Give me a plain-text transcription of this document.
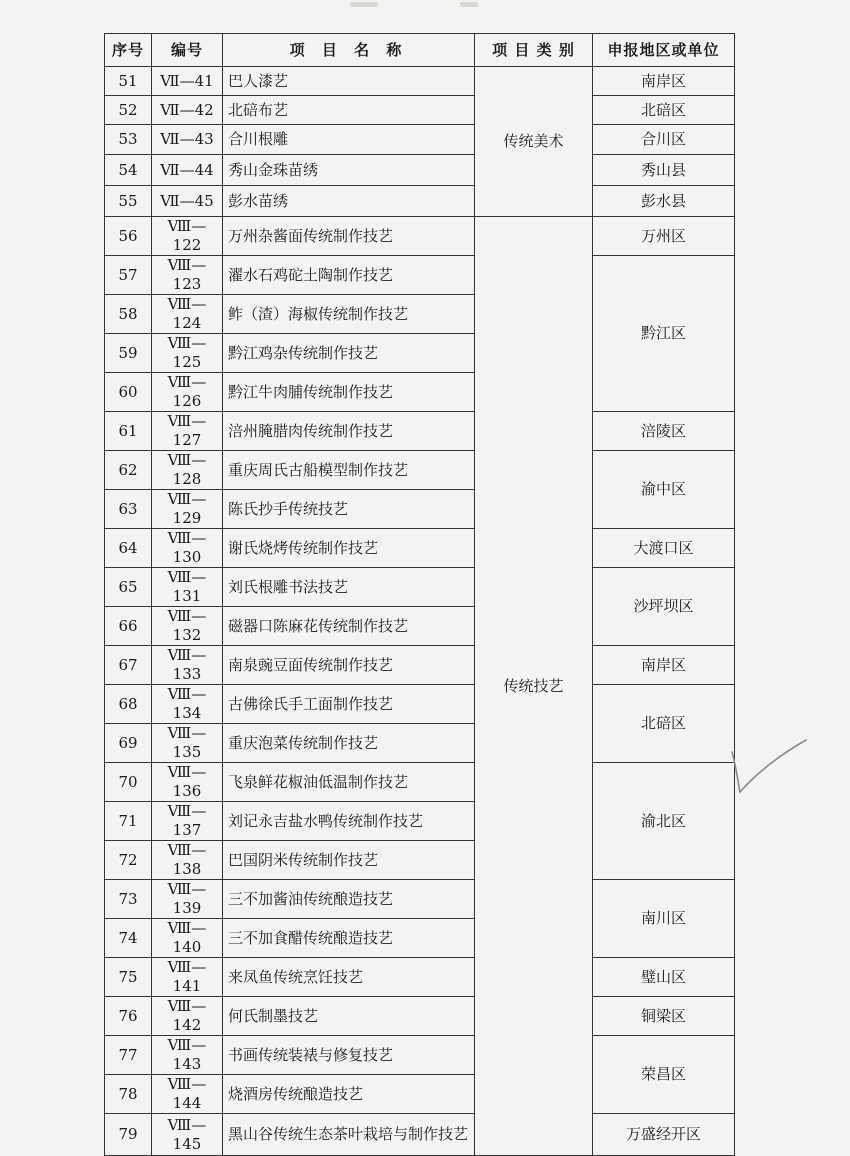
序号	编号	项 目 名 称	项 目 类 别	申报地区或单位
51	Ⅶ—41	巴人漆艺	传统美术	南岸区
52	Ⅶ—42	北碚布艺		北碚区
53	Ⅶ—43	合川根雕		合川区
54	Ⅶ—44	秀山金珠苗绣		秀山县
55	Ⅶ—45	彭水苗绣		彭水县
56	Ⅷ—122	万州杂酱面传统制作技艺	传统技艺	万州区
57	Ⅷ—123	濯水石鸡砣土陶制作技艺		黔江区
58	Ⅷ—124	鲊（渣）海椒传统制作技艺		
59	Ⅷ—125	黔江鸡杂传统制作技艺		
60	Ⅷ—126	黔江牛肉脯传统制作技艺		
61	Ⅷ—127	涪州腌腊肉传统制作技艺		涪陵区
62	Ⅷ—128	重庆周氏古船模型制作技艺		渝中区
63	Ⅷ—129	陈氏抄手传统技艺		
64	Ⅷ—130	谢氏烧烤传统制作技艺		大渡口区
65	Ⅷ—131	刘氏根雕书法技艺		沙坪坝区
66	Ⅷ—132	磁器口陈麻花传统制作技艺		
67	Ⅷ—133	南泉豌豆面传统制作技艺		南岸区
68	Ⅷ—134	古佛徐氏手工面制作技艺		北碚区
69	Ⅷ—135	重庆泡菜传统制作技艺		
70	Ⅷ—136	飞泉鲜花椒油低温制作技艺		渝北区
71	Ⅷ—137	刘记永吉盐水鸭传统制作技艺		
72	Ⅷ—138	巴国阴米传统制作技艺		
73	Ⅷ—139	三不加酱油传统酿造技艺		南川区
74	Ⅷ—140	三不加食醋传统酿造技艺		
75	Ⅷ—141	来凤鱼传统烹饪技艺		璧山区
76	Ⅷ—142	何氏制墨技艺		铜梁区
77	Ⅷ—143	书画传统装裱与修复技艺		荣昌区
78	Ⅷ—144	烧酒房传统酿造技艺		
79	Ⅷ—145	黑山谷传统生态茶叶栽培与制作技艺		万盛经开区
